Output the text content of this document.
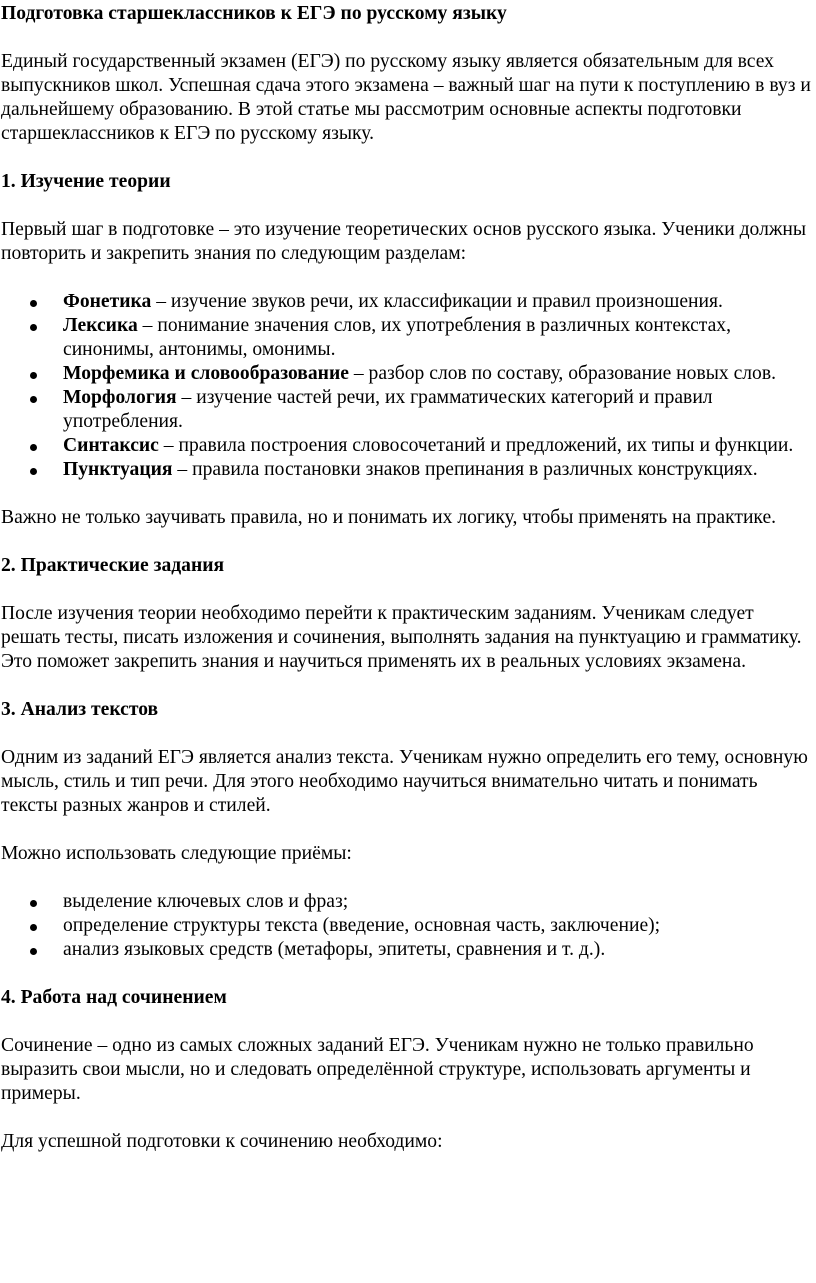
Подготовка старшеклассников к ЕГЭ по русскому языку

Единый государственный экзамен (ЕГЭ) по русскому языку является обязательным для всех выпускников школ. Успешная сдача этого экзамена – важный шаг на пути к поступлению в вуз и дальнейшему образованию. В этой статье мы рассмотрим основные аспекты подготовки старшеклассников к ЕГЭ по русскому языку.

1. Изучение теории

Первый шаг в подготовке – это изучение теоретических основ русского языка. Ученики должны повторить и закрепить знания по следующим разделам:

Фонетика – изучение звуков речи, их классификации и правил произношения.
Лексика – понимание значения слов, их употребления в различных контекстах, синонимы, антонимы, омонимы.
Морфемика и словообразование – разбор слов по составу, образование новых слов.
Морфология – изучение частей речи, их грамматических категорий и правил употребления.
Синтаксис – правила построения словосочетаний и предложений, их типы и функции.
Пунктуация – правила постановки знаков препинания в различных конструкциях.

Важно не только заучивать правила, но и понимать их логику, чтобы применять на практике.

2. Практические задания

После изучения теории необходимо перейти к практическим заданиям. Ученикам следует решать тесты, писать изложения и сочинения, выполнять задания на пунктуацию и грамматику. Это поможет закрепить знания и научиться применять их в реальных условиях экзамена.

3. Анализ текстов

Одним из заданий ЕГЭ является анализ текста. Ученикам нужно определить его тему, основную мысль, стиль и тип речи. Для этого необходимо научиться внимательно читать и понимать тексты разных жанров и стилей.

Можно использовать следующие приёмы:

выделение ключевых слов и фраз;
определение структуры текста (введение, основная часть, заключение);
анализ языковых средств (метафоры, эпитеты, сравнения и т. д.).

4. Работа над сочинением

Сочинение – одно из самых сложных заданий ЕГЭ. Ученикам нужно не только правильно выразить свои мысли, но и следовать определённой структуре, использовать аргументы и примеры.

Для успешной подготовки к сочинению необходимо:
